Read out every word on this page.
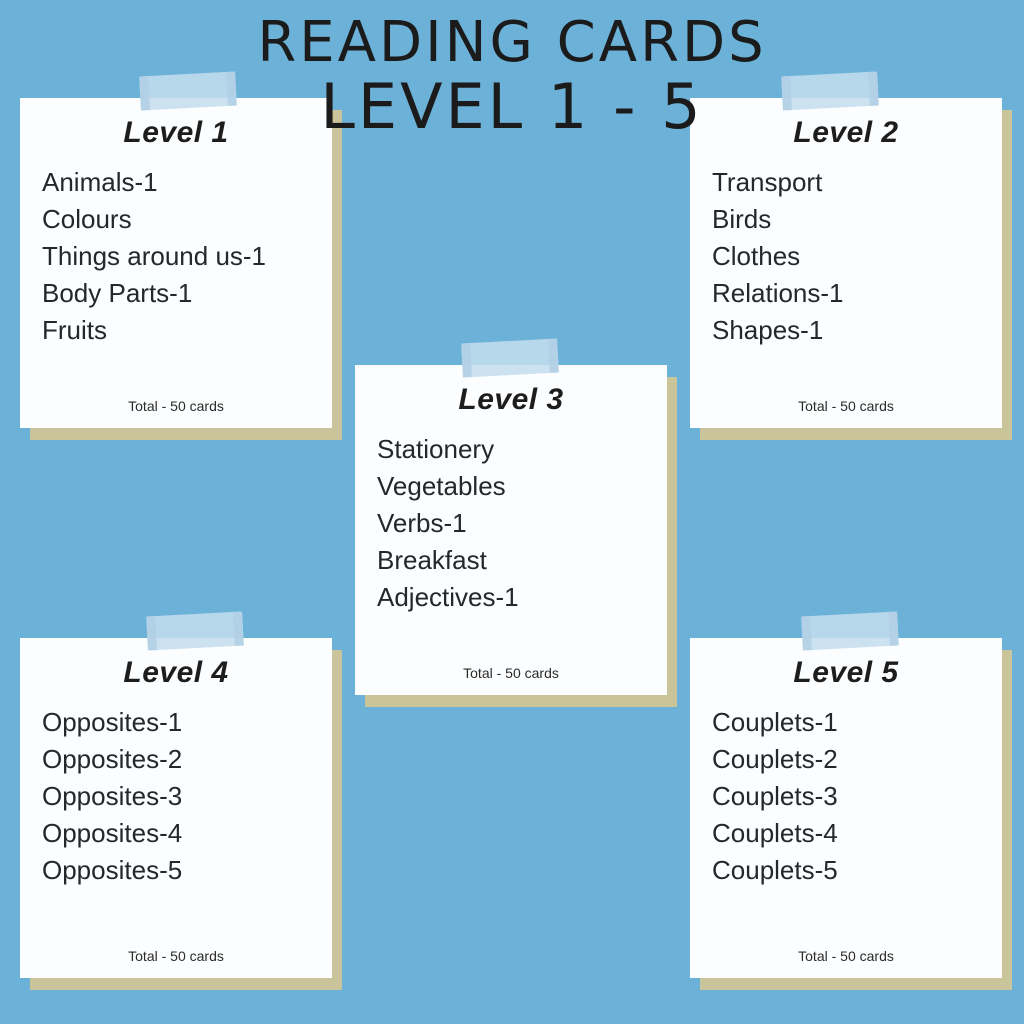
READING CARDS
LEVEL 1 - 5
Level 1
Animals-1
Colours
Things around us-1
Body Parts-1
Fruits
Total - 50 cards
Level 2
Transport
Birds
Clothes
Relations-1
Shapes-1
Total - 50 cards
Level 3
Stationery
Vegetables
Verbs-1
Breakfast
Adjectives-1
Total - 50 cards
Level 4
Opposites-1
Opposites-2
Opposites-3
Opposites-4
Opposites-5
Total - 50 cards
Level 5
Couplets-1
Couplets-2
Couplets-3
Couplets-4
Couplets-5
Total - 50 cards
